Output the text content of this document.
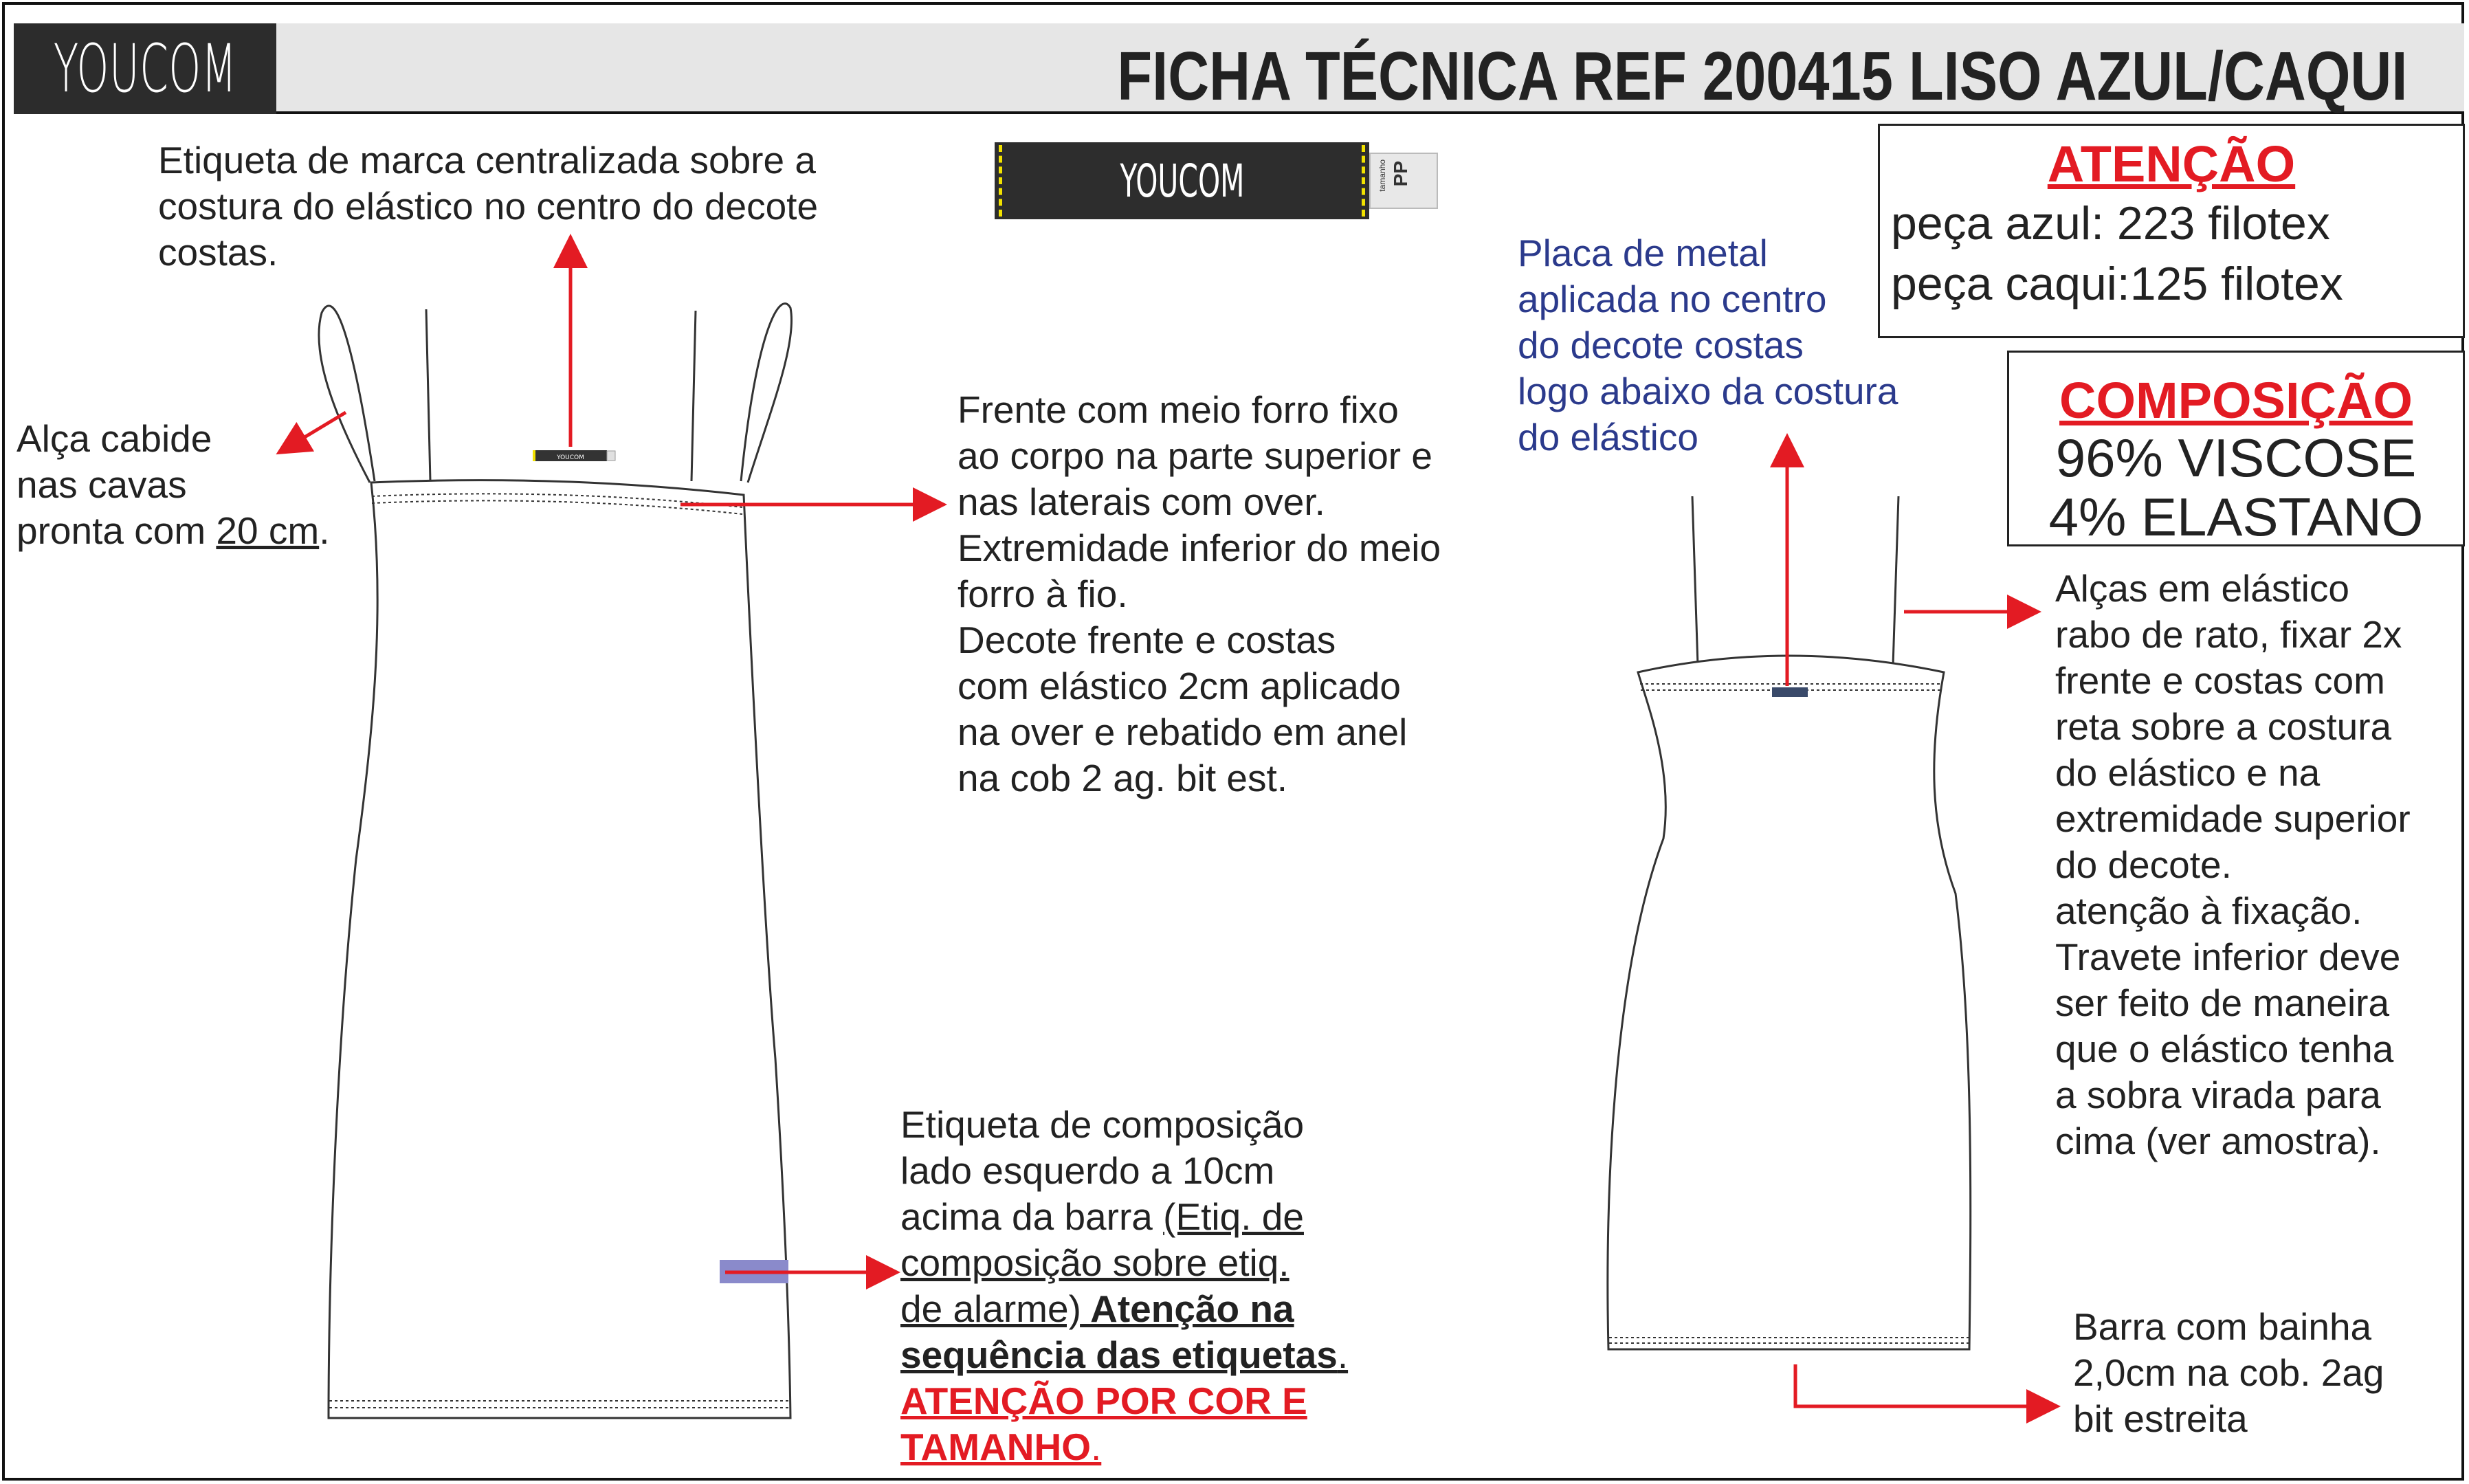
YOUCOM	FICHA TÉCNICA REF 200415 LISO AZUL/CAQUI
YOUCOM	tamanho PP
YOUCOM
Etiqueta de marca centralizada sobre a
costura do elástico no centro do decote
costas.
Alça cabide
nas cavas
pronta com 20 cm.
Frente com meio forro fixo
ao corpo na parte superior e
nas laterais com over.
Extremidade inferior do meio
forro à fio.
Decote frente e costas
com elástico 2cm aplicado
na over e rebatido em anel
na cob 2 ag. bit est.
Placa de metal
aplicada no centro
do decote costas
logo abaixo da costura
do elástico
Alças em elástico
rabo de rato, fixar 2x
frente e costas com
reta sobre a costura
do elástico e na
extremidade superior
do decote.
atenção à fixação.
Travete inferior deve
ser feito de maneira
que o elástico tenha
a sobra virada para
cima (ver amostra).
Barra com bainha
2,0cm na cob. 2ag
bit estreita
Etiqueta de composição
lado esquerdo a 10cm
acima da barra (Etiq. de
composição sobre etiq.
de alarme) Atenção na
sequência das etiquetas.
ATENÇÃO POR COR E
TAMANHO.
ATENÇÃO
peça azul: 223 filotex
peça caqui:125 filotex
COMPOSIÇÃO
96% VISCOSE
4% ELASTANO
